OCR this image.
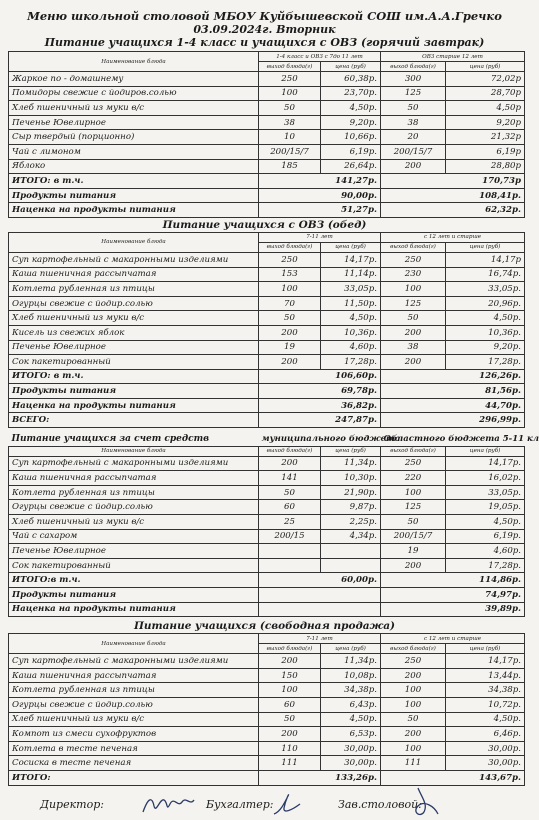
Меню школьной столовой МБОУ Куйбышевской СОШ им.А.А.Гречко
03.09.2024г. Вторник
Питание учащихся 1-4 класс и учащихся с ОВЗ (горячий завтрак)
Наименование блюда	1-4 класс и ОВЗ с 7до 11 лет		ОВЗ старше 12 лет	
	выход блюда(г)	цена (руб)	выход блюда(г)	цена (руб)
Жаркое по - домашнему	250	60,38р.	300	72,02р
Помидоры свежие с йодиров.солью	100	23,70р.	125	28,70р
Хлеб пшеничный из муки в/с	50	4,50р.	50	4,50р
Печенье Ювелирное	38	9,20р.	38	9,20р
Сыр твердый (порционно)	10	10,66р.	20	21,32р
Чай с лимоном	200/15/7	6,19р.	200/15/7	6,19р
Яблоко	185	26,64р.	200	28,80р
ИТОГО: в т.ч.	141,27р.		170,73р	
Продукты питания	90,00р.		108,41р.	
Наценка на продукты питания	51,27р.		62,32р.	
Питание учащихся с ОВЗ (обед)
Наименование блюда	7-11 лет		с 12 лет и старше	
	выход блюда(г)	цена (руб)	выход блюда(г)	цена (руб)
Суп картофельный с макаронными изделиями	250	14,17р.	250	14,17р
Каша пшеничная рассыпчатая	153	11,14р.	230	16,74р.
Котлета рубленная из птицы	100	33,05р.	100	33,05р.
Огурцы свежие с йодир.солью	70	11,50р.	125	20,96р.
Хлеб пшеничный из муки в/с	50	4,50р.	50	4,50р.
Кисель из свежих яблок	200	10,36р.	200	10,36р.
Печенье Ювелирное	19	4,60р.	38	9,20р.
Сок пакетированный	200	17,28р.	200	17,28р.
ИТОГО: в т.ч.	106,60р.		126,26р.	
Продукты питания	69,78р.		81,56р.	
Наценка на продукты питания	36,82р.		44,70р.	
ВСЕГО:	247,87р.		296,99р.	
Питание учащихся за счет средств	муниципального бюджета		Областного бюджета 5-11 кл	
Наименование блюда	выход блюда(г)	цена (руб)	выход блюда(г)	цена (руб)
Суп картофельный с макаронными изделиями	200	11,34р.	250	14,17р.
Каша пшеничная рассыпчатая	141	10,30р.	220	16,02р.
Котлета рубленная из птицы	50	21,90р.	100	33,05р.
Огурцы свежие с йодир.солью	60	9,87р.	125	19,05р.
Хлеб пшеничный из муки в/с	25	2,25р.	50	4,50р.
Чай с сахаром	200/15	4,34р.	200/15/7	6,19р.
Печенье Ювелирное			19	4,60р.
Сок пакетированный			200	17,28р.
ИТОГО:в т.ч.	60,00р.		114,86р.	
Продукты питания			74,97р.	
Наценка на продукты питания			39,89р.	
Питание учащихся (свободная продажа)
Наименование блюда	7-11 лет		с 12 лет и старше	
	выход блюда(г)	цена (руб)	выход блюда(г)	цена (руб)
Суп картофельный с макаронными изделиями	200	11,34р.	250	14,17р.
Каша пшеничная рассыпчатая	150	10,08р.	200	13,44р.
Котлета рубленная из птицы	100	34,38р.	100	34,38р.
Огурцы свежие с йодир.солью	60	6,43р.	100	10,72р.
Хлеб пшеничный из муки в/с	50	4,50р.	50	4,50р.
Компот из смеси сухофруктов	200	6,53р.	200	6,46р.
Котлета в тесте печеная	110	30,00р.	100	30,00р.
Сосиска в тесте печеная	111	30,00р.	111	30,00р.
ИТОГО:	133,26р.		143,67р.	
Директор:	Бухгалтер:	Зав.столовой:
